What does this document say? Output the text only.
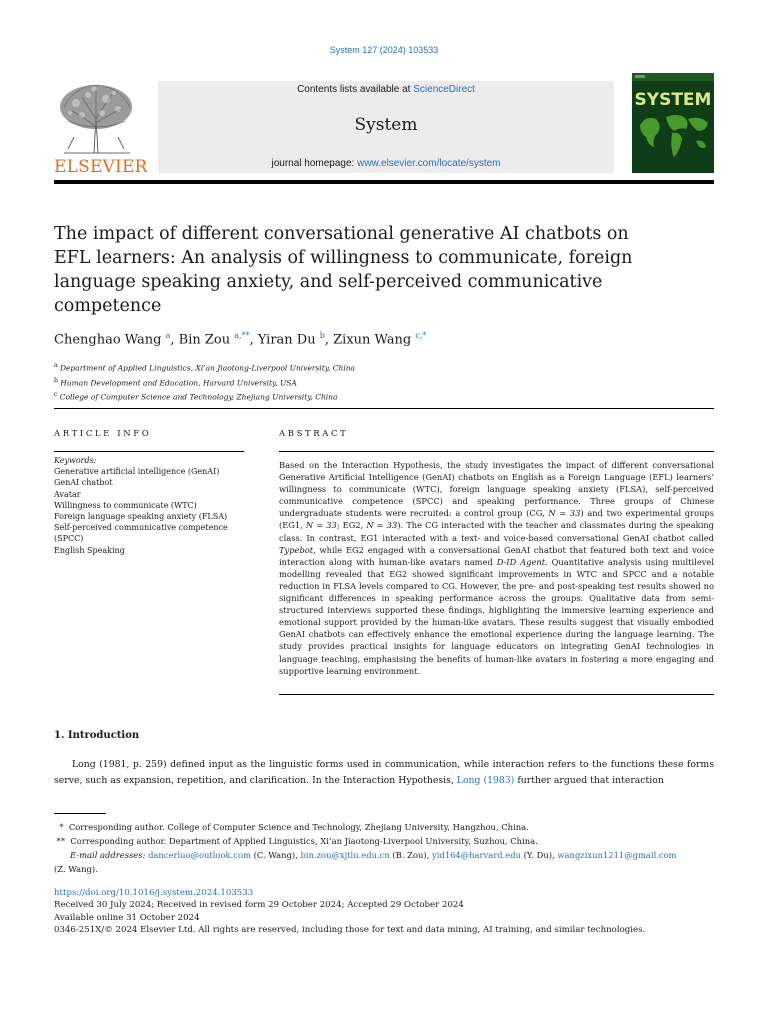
System 127 (2024) 103533
ELSEVIER
Contents lists available at ScienceDirect
System
journal homepage: www.elsevier.com/locate/system
SYSTEM
The impact of different conversational generative AI chatbots on EFL learners: An analysis of willingness to communicate, foreign language speaking anxiety, and self-perceived communicative competence
Chenghao Wang $^a$, Bin Zou $^{a,**}$, Yiran Du $^b$, Zixun Wang $^{c,*}$
$^a$ Department of Applied Linguistics, Xi’an Jiaotong-Liverpool University, China
$^b$ Human Development and Education, Harvard University, USA
$^c$ College of Computer Science and Technology, Zhejiang University, China
ARTICLE INFO	ABSTRACT
Keywords:
Generative artificial intelligence (GenAI)
GenAI chatbot
Avatar
Willingness to communicate (WTC)
Foreign language speaking anxiety (FLSA)
Self-perceived communicative competence (SPCC)
English Speaking

Based on the Interaction Hypothesis, the study investigates the impact of different conversational Generative Artificial Intelligence (GenAI) chatbots on English as a Foreign Language (EFL) learners’ willingness to communicate (WTC), foreign language speaking anxiety (FLSA), self-perceived communicative competence (SPCC) and speaking performance. Three groups of Chinese undergraduate students were recruited: a control group (CG, N = 33) and two experimental groups (EG1, N = 33; EG2, N = 33). The CG interacted with the teacher and classmates during the speaking class. In contrast, EG1 interacted with a text- and voice-based conversational GenAI chatbot called Typebot, while EG2 engaged with a conversational GenAI chatbot that featured both text and voice interaction along with human-like avatars named D-ID Agent. Quantitative analysis using multilevel modelling revealed that EG2 showed significant improvements in WTC and SPCC and a notable reduction in FLSA levels compared to CG. However, the pre- and post-speaking test results showed no significant differences in speaking performance across the groups. Qualitative data from semi-structured interviews supported these findings, highlighting the immersive learning experience and emotional support provided by the human-like avatars. These results suggest that visually embodied GenAI chatbots can effectively enhance the emotional experience during the language learning. The study provides practical insights for language educators on integrating GenAI technologies in language teaching, emphasising the benefits of human-like avatars in fostering a more engaging and supportive learning environment.

1. Introduction

Long (1981, p. 259) defined input as the linguistic forms used in communication, while interaction refers to the functions these forms serve, such as expansion, repetition, and clarification. In the Interaction Hypothesis, Long (1983) further argued that interaction

* Corresponding author. College of Computer Science and Technology, Zhejiang University, Hangzhou, China.
** Corresponding author. Department of Applied Linguistics, Xi’an Jiaotong-Liverpool University, Suzhou, China.
E-mail addresses: dancerluo@outlook.com (C. Wang), bin.zou@xjtlu.edu.cn (B. Zou), yid164@harvard.edu (Y. Du), wangzixun1211@gmail.com
(Z. Wang).
https://doi.org/10.1016/j.system.2024.103533
Received 30 July 2024; Received in revised form 29 October 2024; Accepted 29 October 2024
Available online 31 October 2024
0346-251X/© 2024 Elsevier Ltd. All rights are reserved, including those for text and data mining, AI training, and similar technologies.
